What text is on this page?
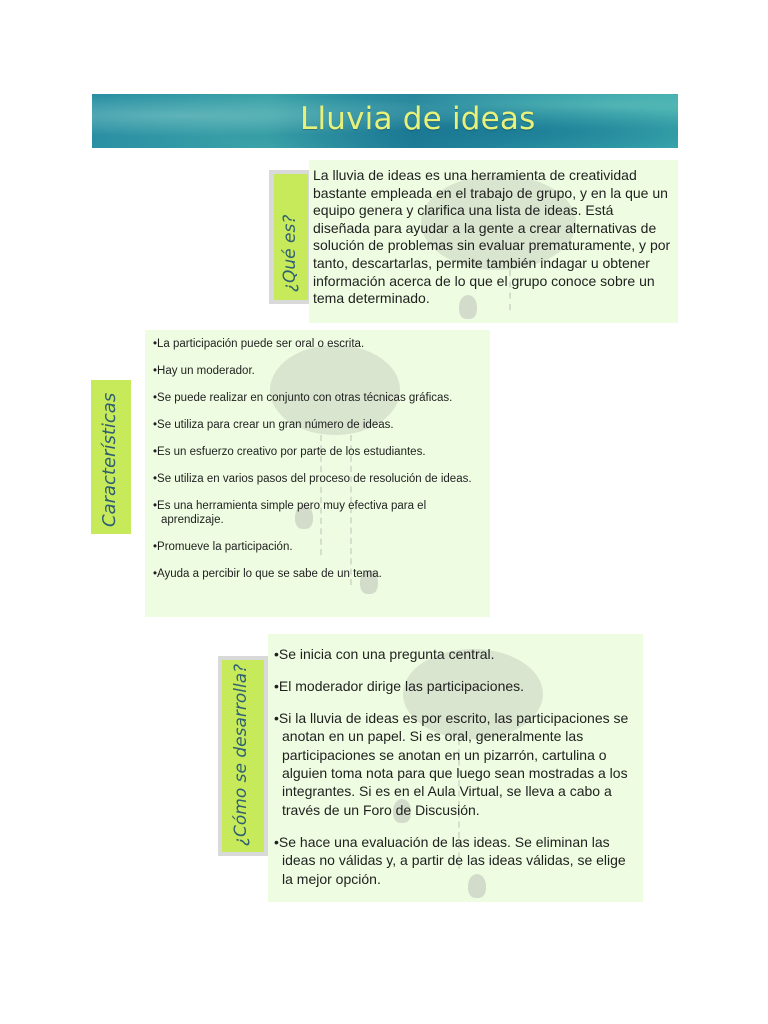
Lluvia de ideas
¿Qué es?

La lluvia de ideas es una herramienta de creatividad bastante empleada en el trabajo de grupo, y en la que un equipo genera y clarifica una lista de ideas. Está diseñada para ayudar a la gente a crear alternativas de solución de problemas sin evaluar prematuramente, y por tanto, descartarlas, permite también indagar u obtener información acerca de lo que el grupo conoce sobre un tema determinado.

Características
•La participación puede ser oral o escrita.
•Hay un moderador.
•Se puede realizar en conjunto con otras técnicas gráficas.
•Se utiliza para crear un gran número de ideas.
•Es un esfuerzo creativo por parte de los estudiantes.
•Se utiliza en varios pasos del proceso de resolución de ideas.
•Es una herramienta simple pero muy efectiva para el aprendizaje.
•Promueve la participación.
•Ayuda a percibir lo que se sabe de un tema.
¿Cómo se desarrolla?
•Se inicia con una pregunta central.
•El moderador dirige las participaciones.
•Si la lluvia de ideas es por escrito, las participaciones se anotan en un papel. Si es oral, generalmente las participaciones se anotan en un pizarrón, cartulina o alguien toma nota para que luego sean mostradas a los integrantes. Si es en el Aula Virtual, se lleva a cabo a través de un Foro de Discusión.
•Se hace una evaluación de las ideas. Se eliminan las ideas no válidas y, a partir de las ideas válidas, se elige la mejor opción.
